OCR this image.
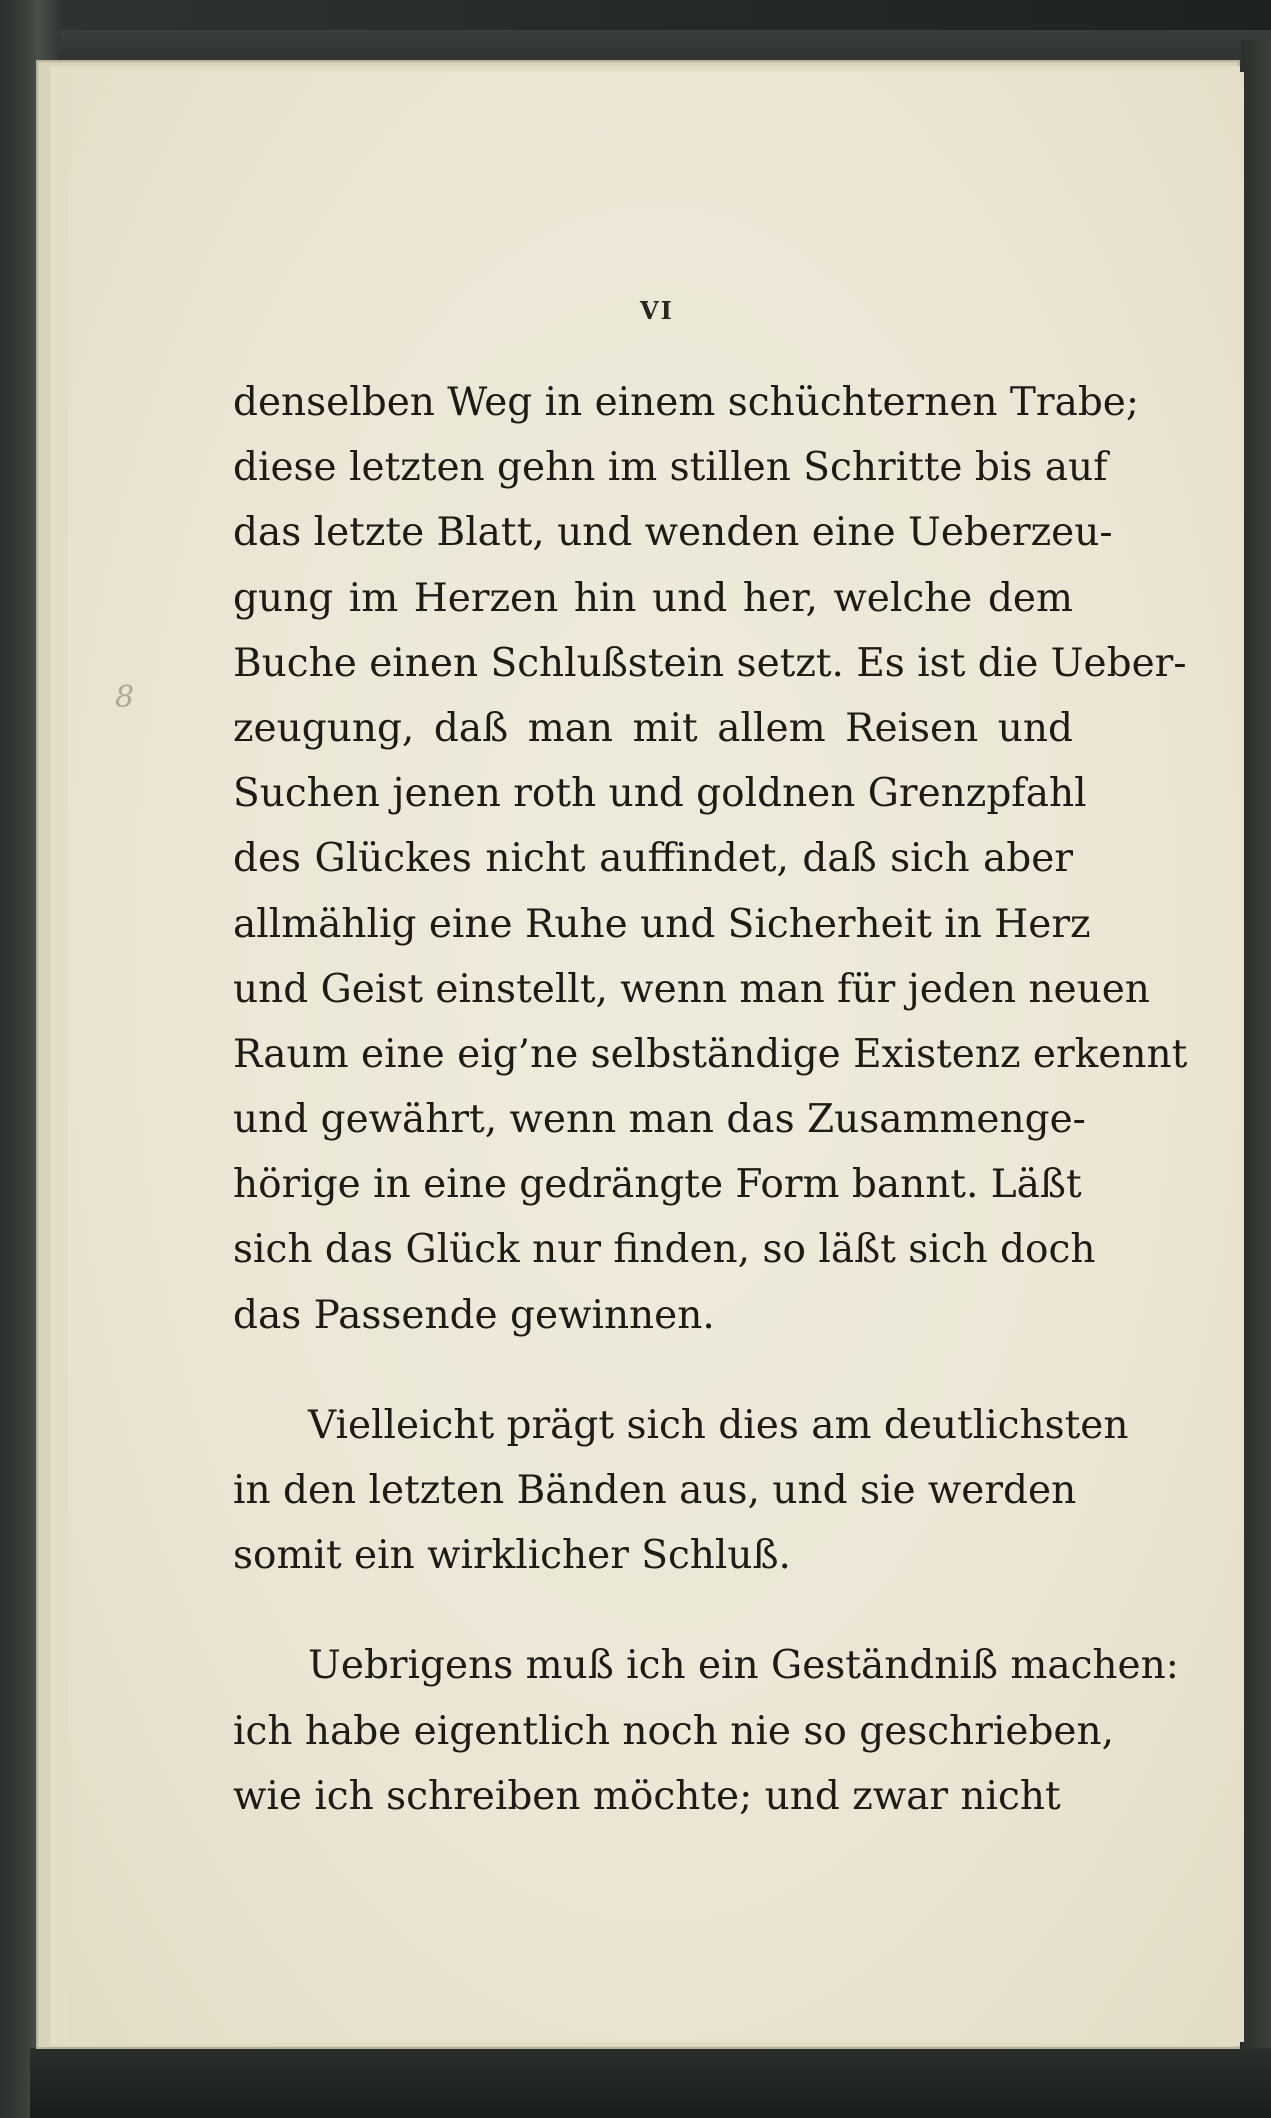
VI
8
denselben Weg in einem schüchternen Trabe;
diese letzten gehn im stillen Schritte bis auf
das letzte Blatt, und wenden eine Ueberzeu-
gung im Herzen hin und her, welche dem
Buche einen Schlußstein setzt. Es ist die Ueber-
zeugung, daß man mit allem Reisen und
Suchen jenen roth und goldnen Grenzpfahl
des Glückes nicht auffindet, daß sich aber
allmählig eine Ruhe und Sicherheit in Herz
und Geist einstellt, wenn man für jeden neuen
Raum eine eig’ne selbständige Existenz erkennt
und gewährt, wenn man das Zusammenge-
hörige in eine gedrängte Form bannt. Läßt
sich das Glück nur finden, so läßt sich doch
das Passende gewinnen.
Vielleicht prägt sich dies am deutlichsten
in den letzten Bänden aus, und sie werden
somit ein wirklicher Schluß.
Uebrigens muß ich ein Geständniß machen:
ich habe eigentlich noch nie so geschrieben,
wie ich schreiben möchte; und zwar nicht
